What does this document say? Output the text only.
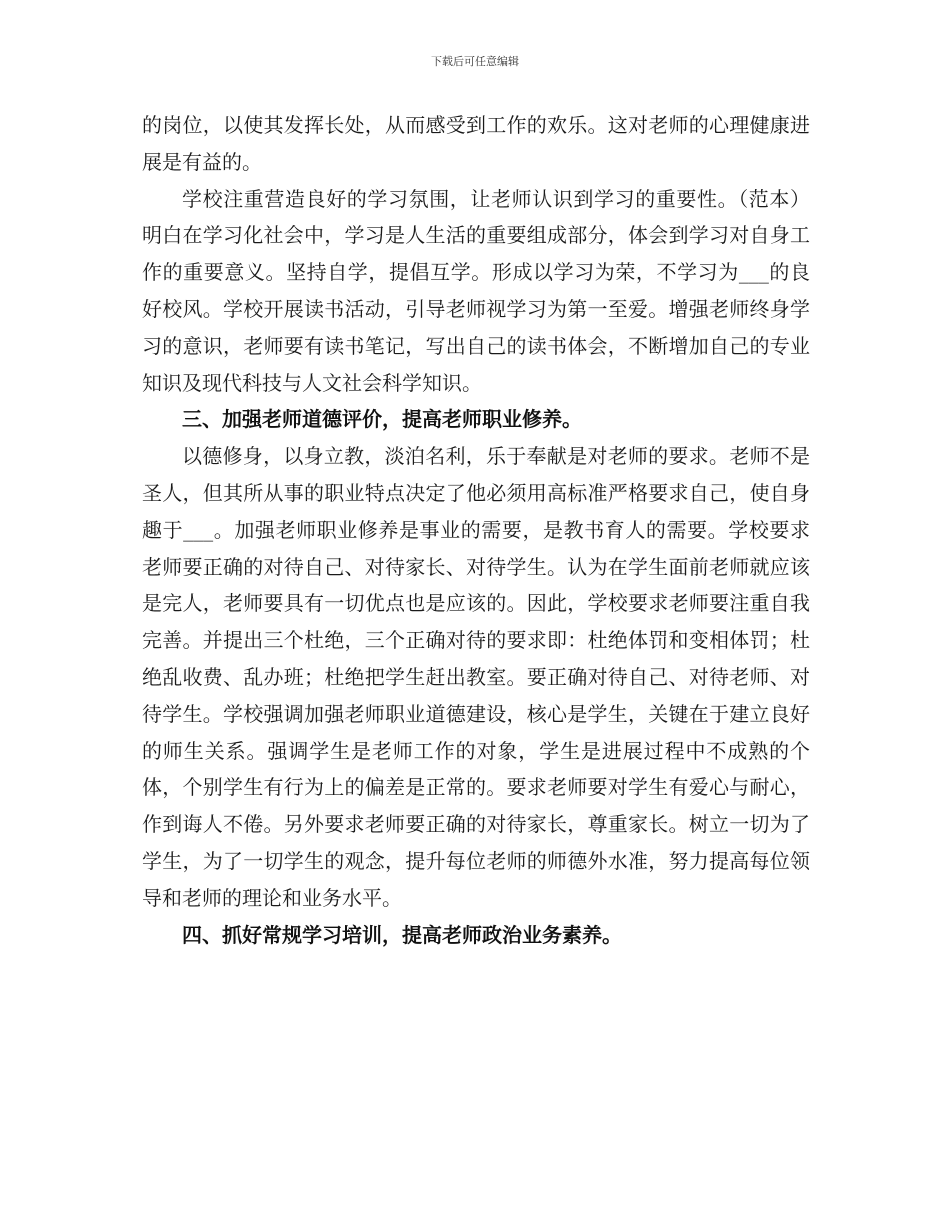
下载后可任意编辑

的岗位，以使其发挥长处，从而感受到工作的欢乐。这对老师的心理健康进展是有益的。

学校注重营造良好的学习氛围，让老师认识到学习的重要性。（范本）明白在学习化社会中，学习是人生活的重要组成部分，体会到学习对自身工作的重要意义。坚持自学，提倡互学。形成以学习为荣，不学习为___的良好校风。学校开展读书活动，引导老师视学习为第一至爱。增强老师终身学习的意识，老师要有读书笔记，写出自己的读书体会，不断增加自己的专业知识及现代科技与人文社会科学知识。

三、加强老师道德评价，提高老师职业修养。

以德修身，以身立教，淡泊名利，乐于奉献是对老师的要求。老师不是圣人，但其所从事的职业特点决定了他必须用高标准严格要求自己，使自身趣于___。加强老师职业修养是事业的需要，是教书育人的需要。学校要求老师要正确的对待自己、对待家长、对待学生。认为在学生面前老师就应该是完人，老师要具有一切优点也是应该的。因此，学校要求老师要注重自我完善。并提出三个杜绝，三个正确对待的要求即：杜绝体罚和变相体罚；杜绝乱收费、乱办班；杜绝把学生赶出教室。要正确对待自己、对待老师、对待学生。学校强调加强老师职业道德建设，核心是学生，关键在于建立良好的师生关系。强调学生是老师工作的对象，学生是进展过程中不成熟的个体，个别学生有行为上的偏差是正常的。要求老师要对学生有爱心与耐心，作到诲人不倦。另外要求老师要正确的对待家长，尊重家长。树立一切为了学生，为了一切学生的观念，提升每位老师的师德外水准，努力提高每位领导和老师的理论和业务水平。

四、抓好常规学习培训，提高老师政治业务素养。
